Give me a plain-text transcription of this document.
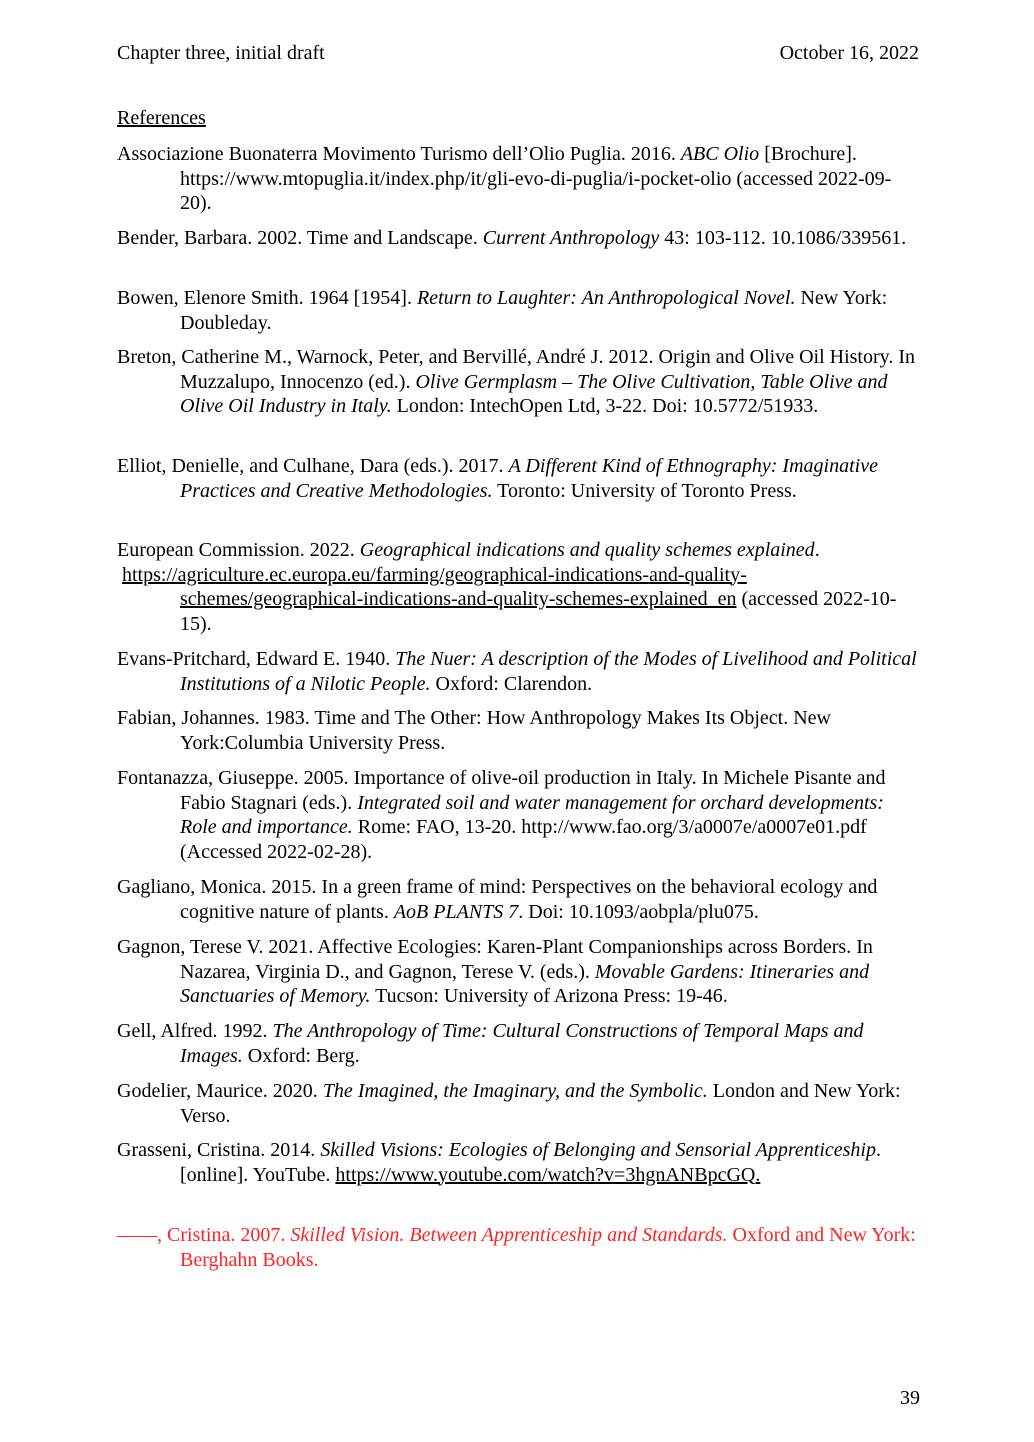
Chapter three, initial draft	October 16, 2022
References
Associazione Buonaterra Movimento Turismo dell’Olio Puglia. 2016. ABC Olio [Brochure]. https://www.mtopuglia.it/index.php/it/gli-evo-di-puglia/i-pocket-olio (accessed 2022-09-20).
Bender, Barbara. 2002. Time and Landscape. Current Anthropology 43: 103-112. 10.1086/339561.
Bowen, Elenore Smith. 1964 [1954]. Return to Laughter: An Anthropological Novel. New York: Doubleday.
Breton, Catherine M., Warnock, Peter, and Bervillé, André J. 2012. Origin and Olive Oil History. In Muzzalupo, Innocenzo (ed.). Olive Germplasm – The Olive Cultivation, Table Olive and Olive Oil Industry in Italy. London: IntechOpen Ltd, 3-22. Doi: 10.5772/51933.
Elliot, Denielle, and Culhane, Dara (eds.). 2017. A Different Kind of Ethnography: Imaginative Practices and Creative Methodologies. Toronto: University of Toronto Press.
European Commission. 2022. Geographical indications and quality schemes explained.
https://agriculture.ec.europa.eu/farming/geographical-indications-and-quality-
schemes/geographical-indications-and-quality-schemes-explained_en (accessed 2022-10-15).
Evans-Pritchard, Edward E. 1940. The Nuer: A description of the Modes of Livelihood and Political Institutions of a Nilotic People. Oxford: Clarendon.
Fabian, Johannes. 1983. Time and The Other: How Anthropology Makes Its Object. New York:Columbia University Press.
Fontanazza, Giuseppe. 2005. Importance of olive-oil production in Italy. In Michele Pisante and Fabio Stagnari (eds.). Integrated soil and water management for orchard developments: Role and importance. Rome: FAO, 13-20. http://www.fao.org/3/a0007e/a0007e01.pdf (Accessed 2022-02-28).
Gagliano, Monica. 2015. In a green frame of mind: Perspectives on the behavioral ecology and cognitive nature of plants. AoB PLANTS 7. Doi: 10.1093/aobpla/plu075.
Gagnon, Terese V. 2021. Affective Ecologies: Karen-Plant Companionships across Borders. In Nazarea, Virginia D., and Gagnon, Terese V. (eds.). Movable Gardens: Itineraries and Sanctuaries of Memory. Tucson: University of Arizona Press: 19-46.
Gell, Alfred. 1992. The Anthropology of Time: Cultural Constructions of Temporal Maps and Images. Oxford: Berg.
Godelier, Maurice. 2020. The Imagined, the Imaginary, and the Symbolic. London and New York: Verso.
Grasseni, Cristina. 2014. Skilled Visions: Ecologies of Belonging and Sensorial Apprenticeship. [online]. YouTube. https://www.youtube.com/watch?v=3hgnANBpcGQ.
——, Cristina. 2007. Skilled Vision. Between Apprenticeship and Standards. Oxford and New York: Berghahn Books.
39
